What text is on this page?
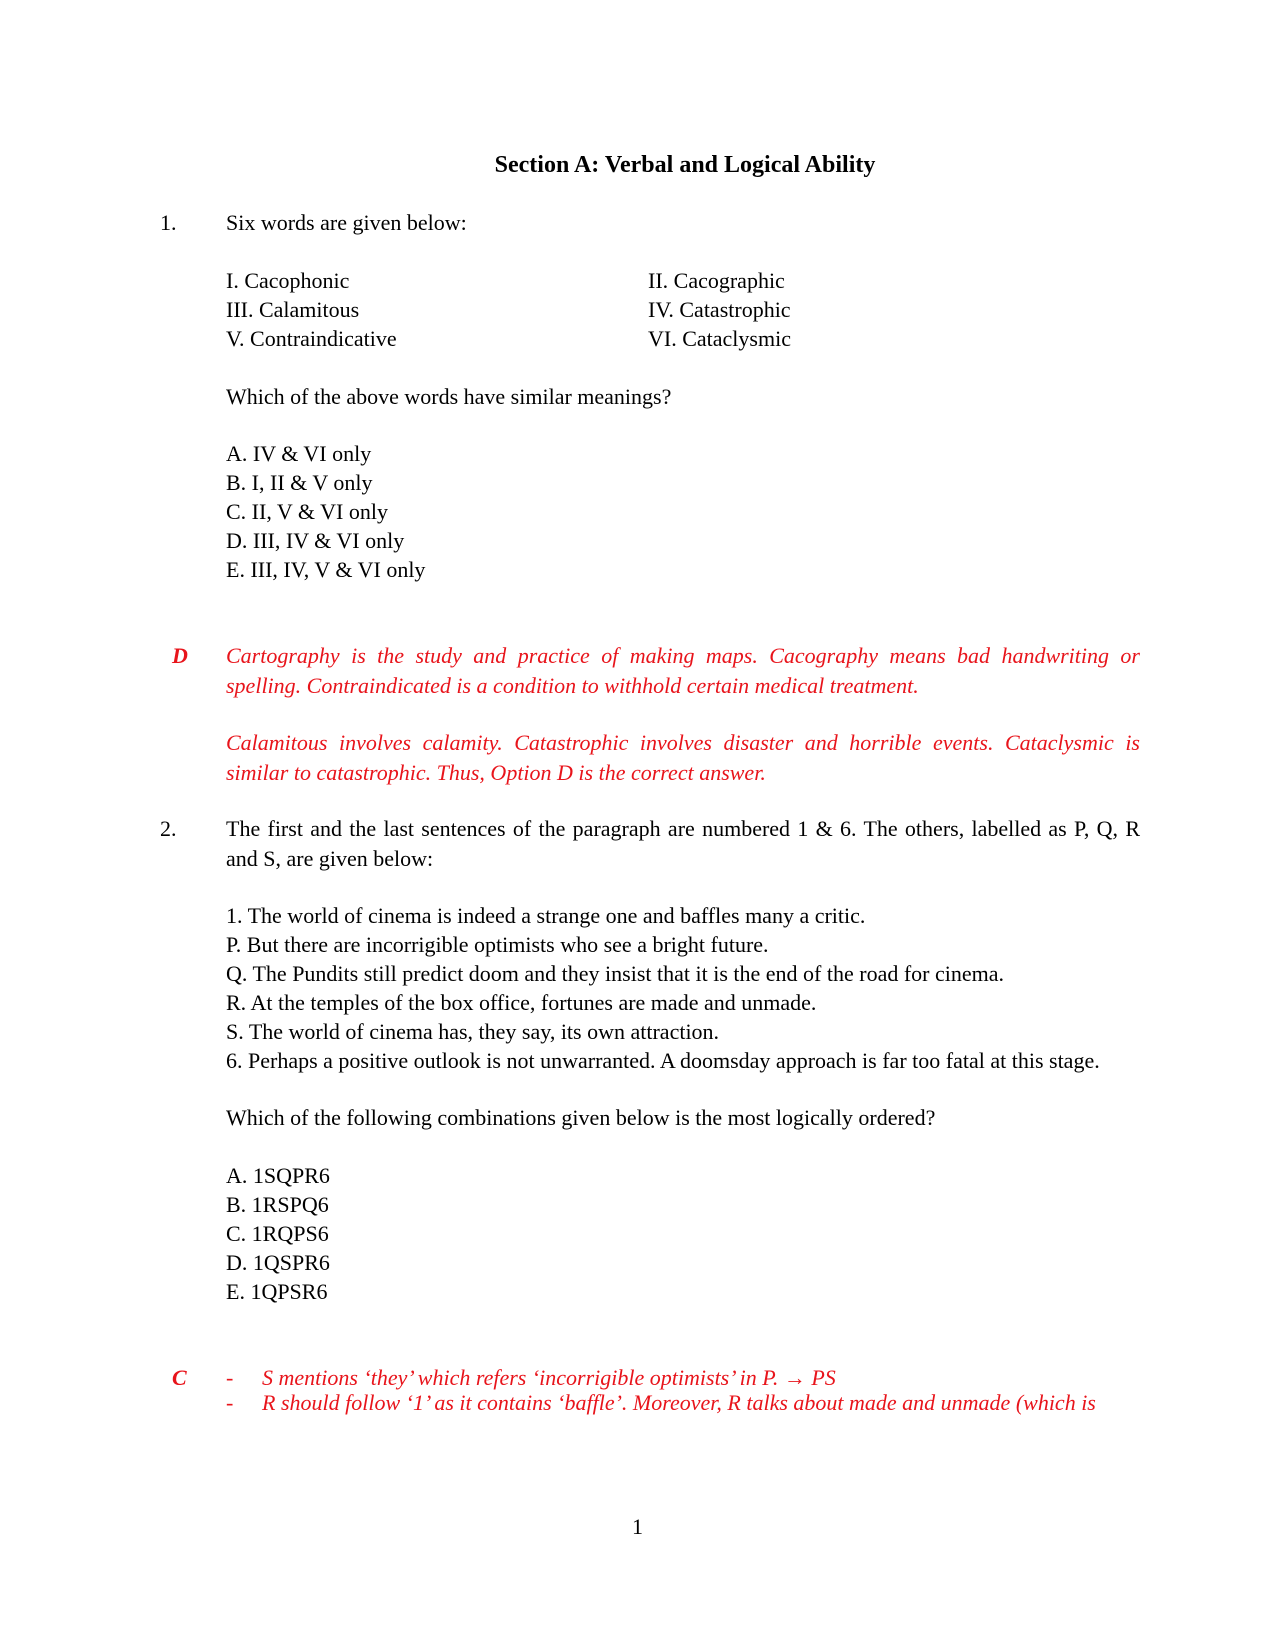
Section A: Verbal and Logical Ability
1. Six words are given below:
I. Cacophonic	II. Cacographic
III. Calamitous	IV. Catastrophic
V. Contraindicative	VI. Cataclysmic
Which of the above words have similar meanings?
A. IV & VI only
B. I, II & V only
C. II, V & VI only
D. III, IV & VI only
E. III, IV, V & VI only
D Cartography is the study and practice of making maps. Cacography means bad handwriting or spelling. Contraindicated is a condition to withhold certain medical treatment.
Calamitous involves calamity. Catastrophic involves disaster and horrible events. Cataclysmic is similar to catastrophic. Thus, Option D is the correct answer.
2. The first and the last sentences of the paragraph are numbered 1 & 6. The others, labelled as P, Q, R and S, are given below:
1. The world of cinema is indeed a strange one and baffles many a critic.
P. But there are incorrigible optimists who see a bright future.
Q. The Pundits still predict doom and they insist that it is the end of the road for cinema.
R. At the temples of the box office, fortunes are made and unmade.
S. The world of cinema has, they say, its own attraction.
6. Perhaps a positive outlook is not unwarranted. A doomsday approach is far too fatal at this stage.
Which of the following combinations given below is the most logically ordered?
A. 1SQPR6
B. 1RSPQ6
C. 1RQPS6
D. 1QSPR6
E. 1QPSR6
C - S mentions ‘they’ which refers ‘incorrigible optimists’ in P. → PS
- R should follow ‘1’ as it contains ‘baffle’. Moreover, R talks about made and unmade (which is
1
